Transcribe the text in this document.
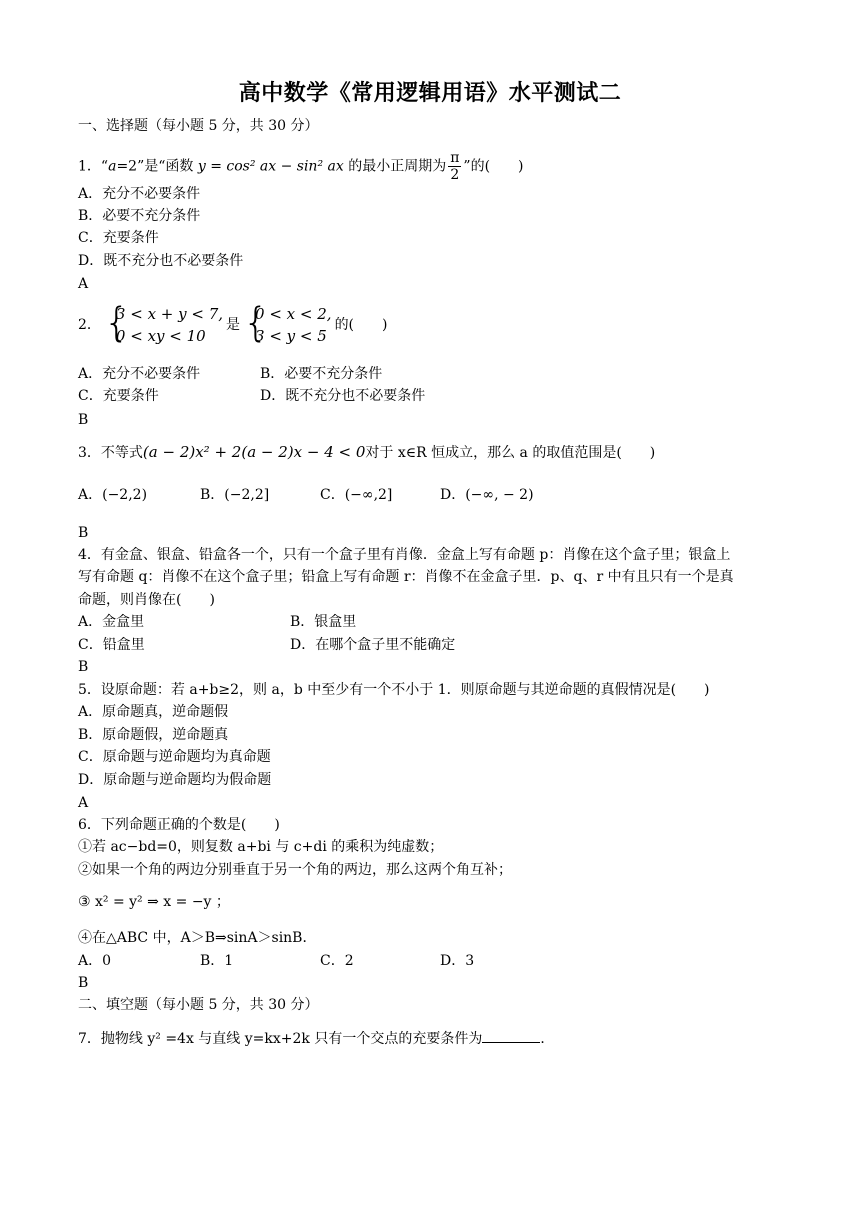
高中数学《常用逻辑用语》水平测试二
一、选择题（每小题 5 分，共 30 分）
1．“a=2”是“函数 y = cos² ax − sin² ax 的最小正周期为 $\frac{\pi}{2}$ ”的(　　)
A．充分不必要条件
B．必要不充分条件
C．充要条件
D．既不充分也不必要条件
A
2． {
3 < x + y < 7,
0 < xy < 10
是 {
0 < x < 2,
3 < y < 5
的(　　)
A．充分不必要条件	B．必要不充分条件
C．充要条件	D．既不充分也不必要条件
B
3．不等式(a − 2)x² + 2(a − 2)x − 4 < 0对于 x∈R 恒成立，那么 a 的取值范围是(　　)
A．(−2,2)	B．(−2,2]	C．(−∞,2]	D．(−∞, − 2)
B
4．有金盒、银盒、铅盒各一个，只有一个盒子里有肖像．金盒上写有命题 p：肖像在这个盒子里；银盒上
写有命题 q：肖像不在这个盒子里；铅盒上写有命题 r：肖像不在金盒子里．p、q、r 中有且只有一个是真
命题，则肖像在(　　)
A．金盒里	B．银盒里
C．铅盒里	D．在哪个盒子里不能确定
B
5．设原命题：若 a+b≥2，则 a，b 中至少有一个不小于 1．则原命题与其逆命题的真假情况是(　　)
A．原命题真，逆命题假
B．原命题假，逆命题真
C．原命题与逆命题均为真命题
D．原命题与逆命题均为假命题
A
6．下列命题正确的个数是(　　)
①若 ac−bd=0，则复数 a+bi 与 c+di 的乘积为纯虚数；
②如果一个角的两边分别垂直于另一个角的两边，那么这两个角互补；
③ x² = y² ⇒ x = −y ；
④在△ABC 中，A＞B⇒sinA＞sinB．
A．0	B．1	C．2	D．3
B
二、填空题（每小题 5 分，共 30 分）
7．抛物线 y² =4x 与直线 y=kx+2k 只有一个交点的充要条件为	．
